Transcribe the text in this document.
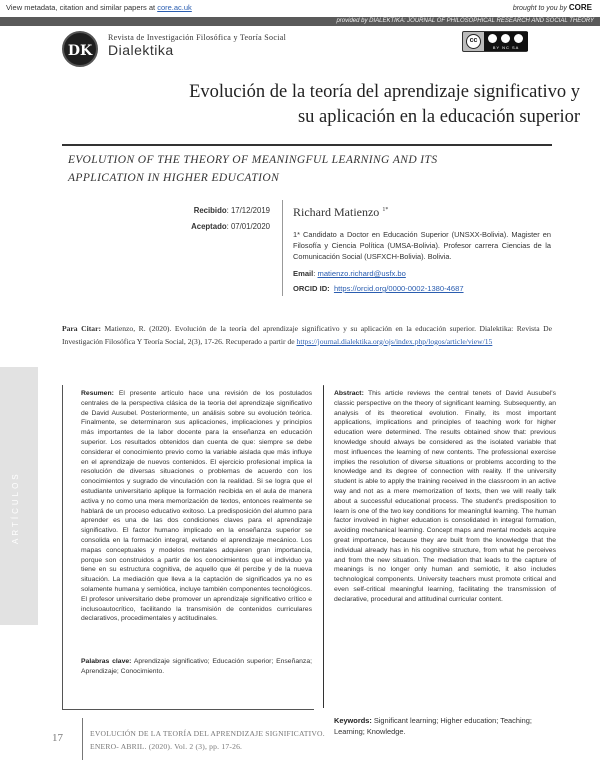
View metadata, citation and similar papers at core.ac.uk	brought to you by CORE
provided by DIALEKTIKA: JOURNAL OF PHILOSOPHICAL RESEARCH AND SOCIAL THEORY
DK
Revista de Investigación Filosófica y Teoría Social
Dialektika
cc
BY NC SA
Evolución de la teoría del aprendizaje significativo y
su aplicación en la educación superior
EVOLUTION OF THE THEORY OF MEANINGFUL LEARNING AND ITS
APPLICATION IN HIGHER EDUCATION
Recibido: 17/12/2019
Aceptado: 07/01/2020
Richard Matienzo $^{1*}$
1* Candidato a Doctor en Educación Superior (UNSXX-Bolivia). Magister en Filosofía y Ciencia Política (UMSA-Bolivia). Profesor carrera Ciencias de la Comunicación Social (USFXCH-Bolivia). Bolivia.
Email: matienzo.richard@usfx.bo
ORCID ID: https://orcid.org/0000-0002-1380-4687
Para Citar: Matienzo, R. (2020). Evolución de la teoría del aprendizaje significativo y su aplicación en la educación superior. Dialektika: Revista De Investigación Filosófica Y Teoría Social, 2(3), 17-26. Recuperado a partir de https://journal.dialektika.org/ojs/index.php/logos/article/view/15
ARTÍCULOS
Resumen: El presente artículo hace una revisión de los postulados centrales de la perspectiva clásica de la teoría del aprendizaje significativo de David Ausubel. Posteriormente, un análisis sobre su evolución teórica. Finalmente, se determinaron sus aplicaciones, implicaciones y principios más importantes de la labor docente para la enseñanza en educación superior. Los resultados obtenidos dan cuenta de que: siempre se debe considerar el conocimiento previo como la variable aislada que más influye en el aprendizaje de nuevos contenidos. El ejercicio profesional implica la resolución de diversas situaciones o problemas de acuerdo con los conocimientos y sugrado de vinculación con la realidad. Si se logra que el estudiante universitario aplique la formación recibida en el aula de manera activa y no como una mera memorización de textos, entonces realmente se hablará de un proceso educativo exitoso. La predisposición del alumno para aprender es una de las dos condiciones claves para el aprendizaje significativo. El factor humano implicado en la enseñanza superior se consolida en la formación integral, evitando el aprendizaje mecánico. Los mapas conceptuales y modelos mentales adquieren gran importancia, porque son construidos a partir de los conocimientos que el individuo ya tiene en su estructura cognitiva, de aquello que él percibe y de la nueva situación. La mediación que lleva a la captación de significados ya no es solamente humana y semiótica, incluye también componentes tecnológicos. El profesor universitario debe promover un aprendizaje significativo crítico e inclusoautocrítico, facilitando la transmisión de contenidos curriculares declarativos, procedimentales y actitudinales.
Palabras clave: Aprendizaje significativo; Educación superior; Enseñanza; Aprendizaje; Conocimiento.
Abstract: This article reviews the central tenets of David Ausubel's classic perspective on the theory of significant learning. Subsequently, an analysis of its theoretical evolution. Finally, its most important applications, implications and principles of teaching work for higher education were determined. The results obtained show that: previous knowledge should always be considered as the isolated variable that most influences the learning of new contents. The professional exercise implies the resolution of diverse situations or problems according to the knowledge and its degree of connection with reality. If the university student is able to apply the training received in the classroom in an active way and not as a mere memorization of texts, then we will really talk about a successful educational process. The student's predisposition to learn is one of the two key conditions for meaningful learning. The human factor involved in higher education is consolidated in integral formation, avoiding mechanical learning. Concept maps and mental models acquire great importance, because they are built from the knowledge that the individual already has in his cognitive structure, from what he perceives and from the new situation. The mediation that leads to the capture of meanings is no longer only human and semiotic, it also includes technological components. University teachers must promote critical and even self-critical meaningful learning, facilitating the transmission of declarative, procedural and attitudinal curricular content.
Keywords: Significant learning; Higher education; Teaching; Learning; Knowledge.
17	EVOLUCIÓN DE LA TEORÍA DEL APRENDIZAJE SIGNIFICATIVO.
ENERO- ABRIL. (2020). Vol. 2 (3), pp. 17-26.
